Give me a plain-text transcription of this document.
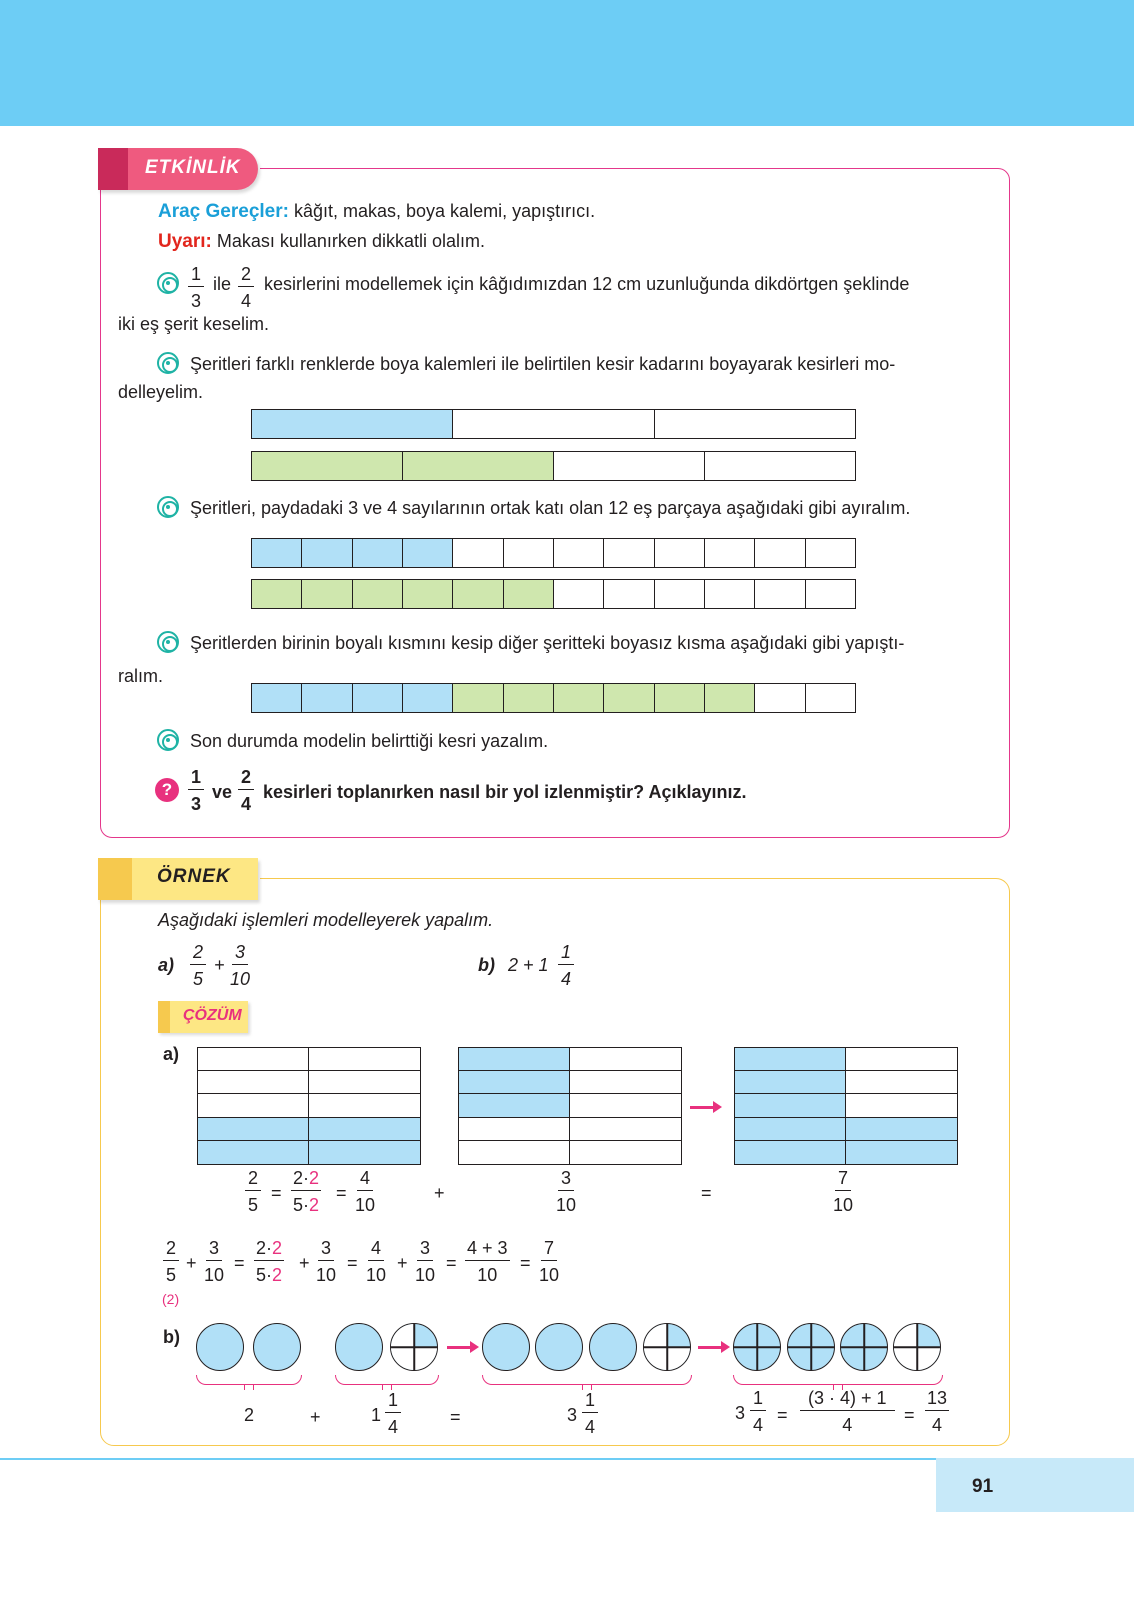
ETKİNLİK
Araç Gereçler: kâğıt, makas, boya kalemi, yapıştırıcı.
Uyarı: Makası kullanırken dikkatli olalım.
$\frac{1}{3}$ ile $\frac{2}{4}$ kesirlerini modellemek için kâğıdımızdan 12 cm uzunluğunda dikdörtgen şeklinde
iki eş şerit keselim.
Şeritleri farklı renklerde boya kalemleri ile belirtilen kesir kadarını boyayarak kesirleri mo-
delleyelim.
Şeritleri, paydadaki 3 ve 4 sayılarının ortak katı olan 12 eş parçaya aşağıdaki gibi ayıralım.
Şeritlerden birinin boyalı kısmını kesip diğer şeritteki boyasız kısma aşağıdaki gibi yapıştı-
ralım.
Son durumda modelin belirttiği kesri yazalım.
? $\frac{1}{3}$ ve $\frac{2}{4}$ kesirleri toplanırken nasıl bir yol izlenmiştir? Açıklayınız.
ÖRNEK
Aşağıdaki işlemleri modelleyerek yapalım.
$a) \frac{2}{5} + \frac{3}{10}$	b) $2 + 1 \frac{1}{4}$
ÇÖZÜM
a)
$\frac{2}{5} = \frac{2\cdot 2}{5\cdot 2} = \frac{4}{10}$	+	$\frac{3}{10}$	=	$\frac{7}{10}$
$\frac{2}{5}$
(2)
+ $\frac{3}{10} = \frac{2\cdot 2}{5\cdot 2} + \frac{3}{10} = \frac{4}{10} + \frac{3}{10} = \frac{4 + 3}{10} = \frac{7}{10}$
b)
2	+	$1 \frac{1}{4}$	=	$3 \frac{1}{4}$	$3 \frac{1}{4} = \frac{(3 \cdot 4) + 1}{4} = \frac{13}{4}$
91
